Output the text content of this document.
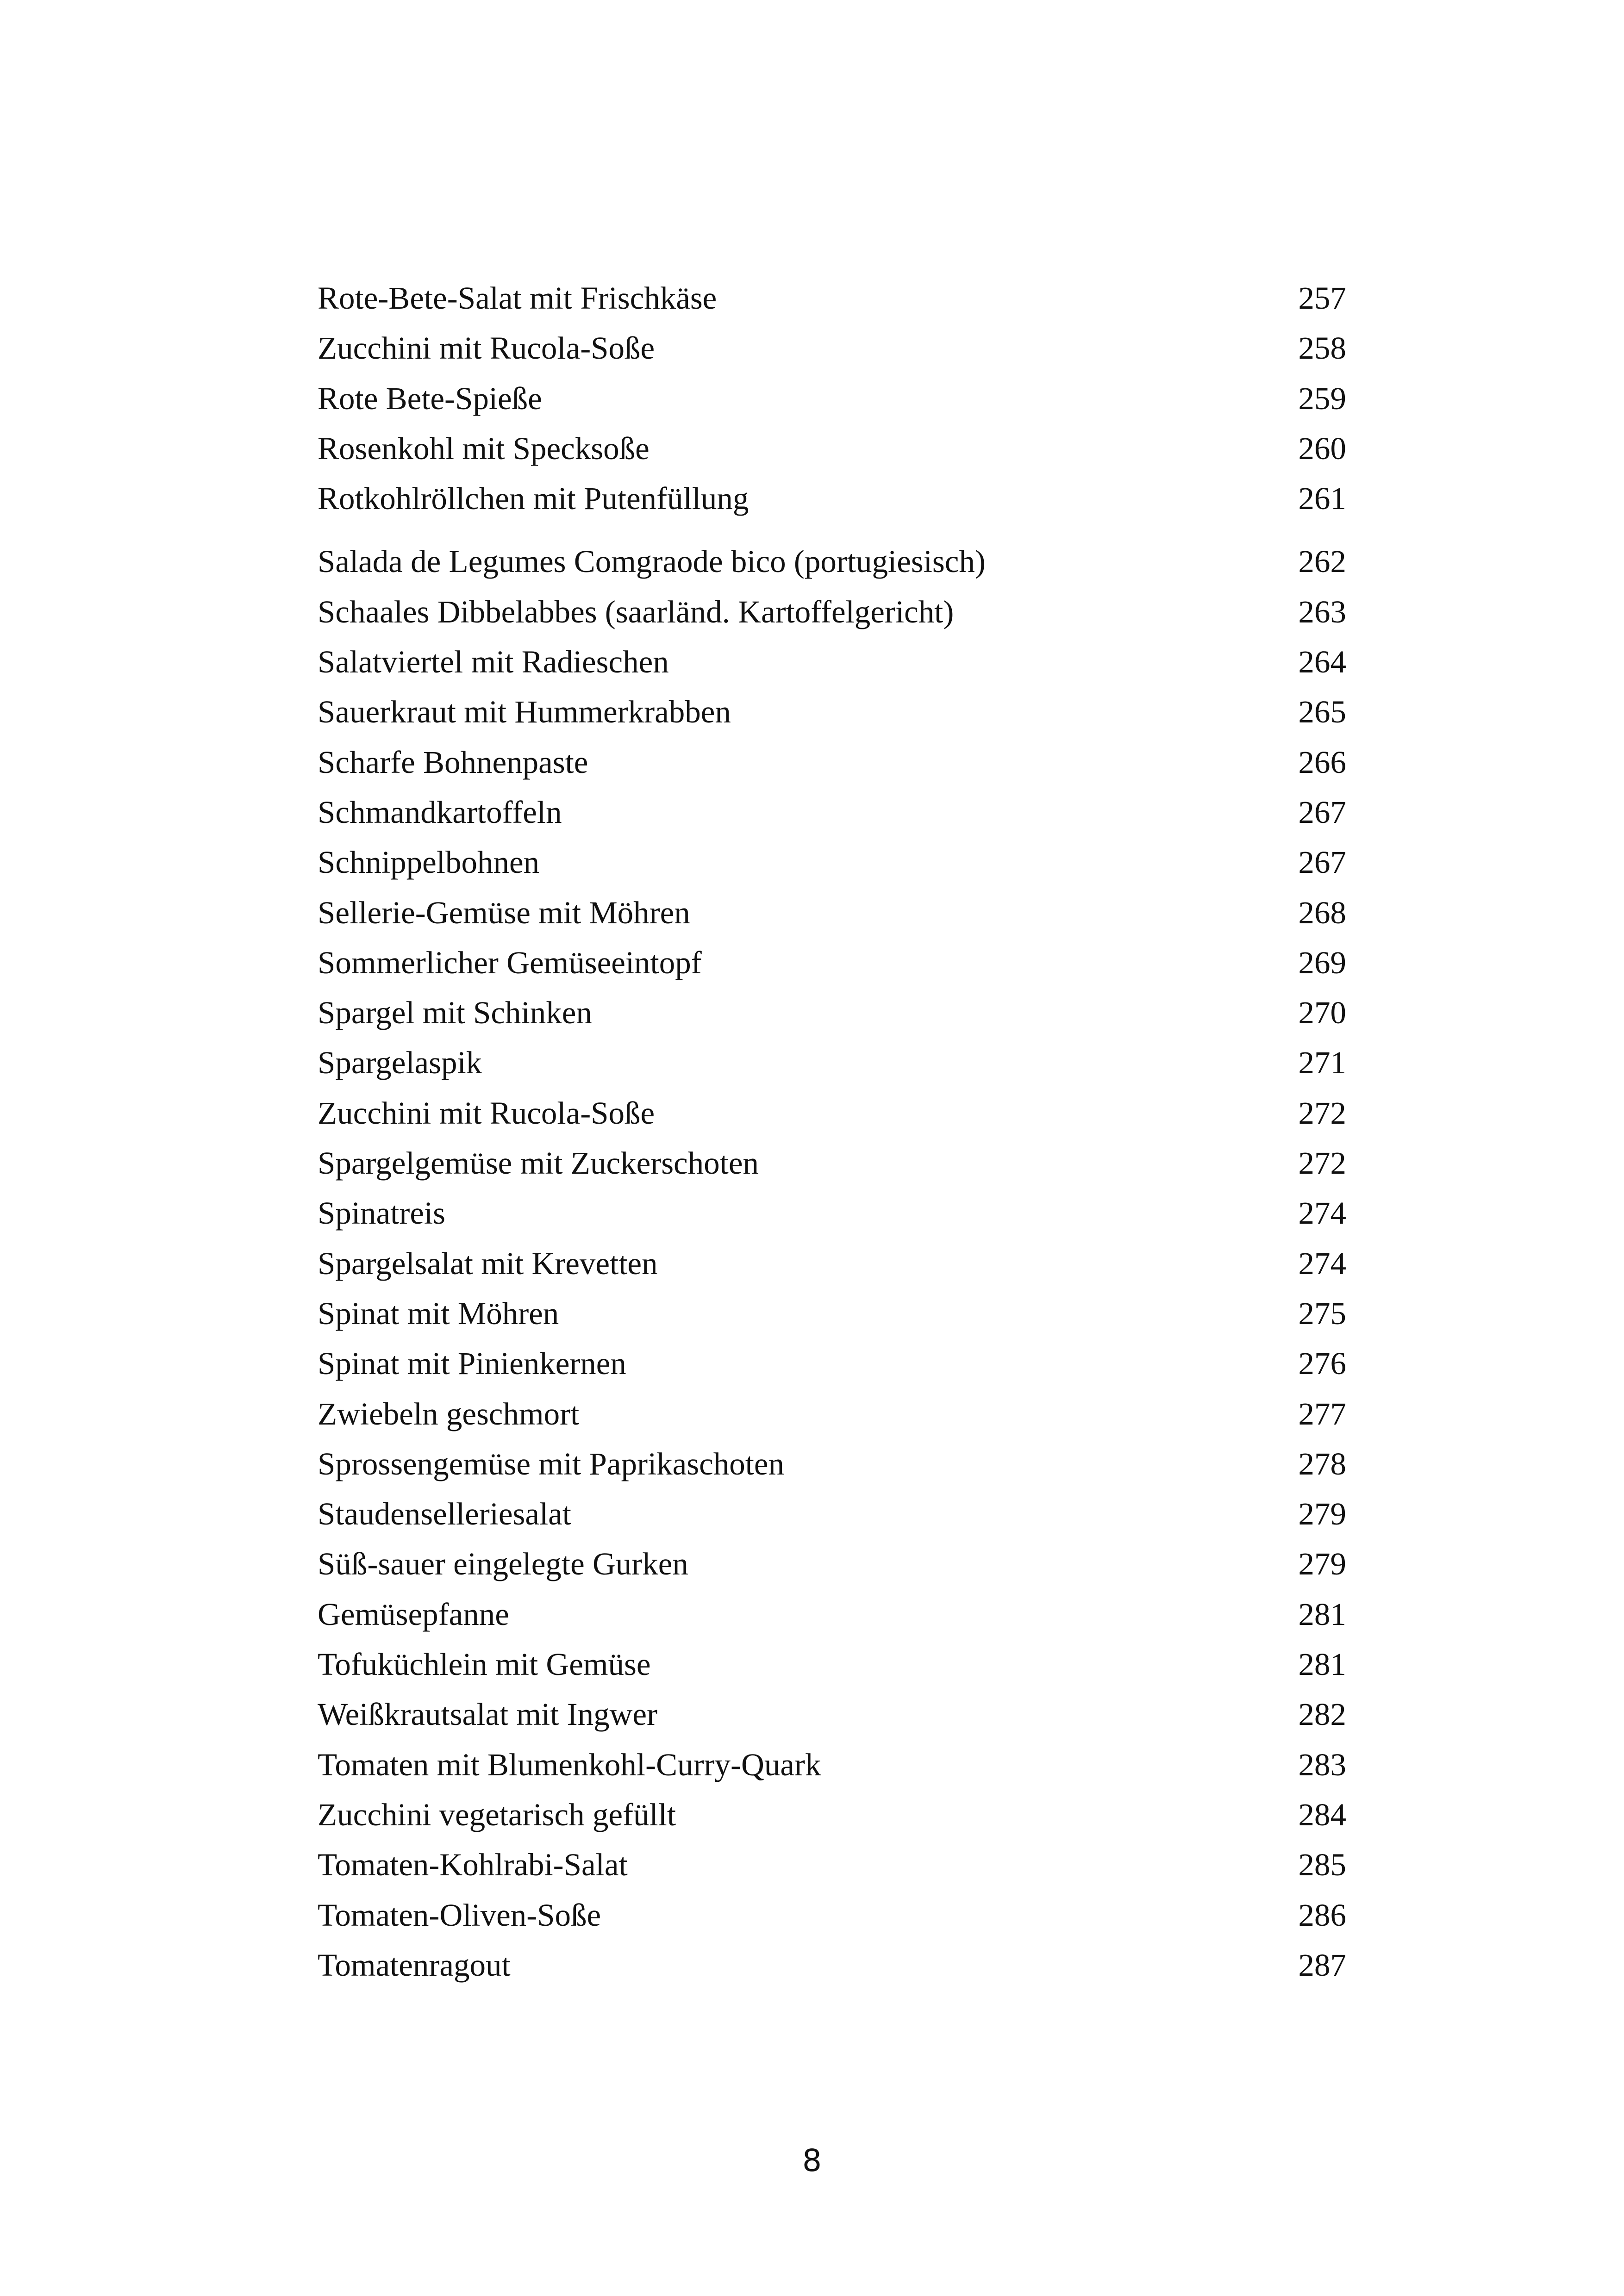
Rote-Bete-Salat mit Frischkäse	257
Zucchini mit Rucola-Soße	258
Rote Bete-Spieße	259
Rosenkohl mit Specksoße	260
Rotkohlröllchen mit Putenfüllung	261
Salada de Legumes Comgraode bico (portugiesisch)	262
Schaales Dibbelabbes (saarländ. Kartoffelgericht)	263
Salatviertel mit Radieschen	264
Sauerkraut mit Hummerkrabben	265
Scharfe Bohnenpaste	266
Schmandkartoffeln	267
Schnippelbohnen	267
Sellerie-Gemüse mit Möhren	268
Sommerlicher Gemüseeintopf	269
Spargel mit Schinken	270
Spargelaspik	271
Zucchini mit Rucola-Soße	272
Spargelgemüse mit Zuckerschoten	272
Spinatreis	274
Spargelsalat mit Krevetten	274
Spinat mit Möhren	275
Spinat mit Pinienkernen	276
Zwiebeln geschmort	277
Sprossengemüse mit Paprikaschoten	278
Staudenselleriesalat	279
Süß-sauer eingelegte Gurken	279
Gemüsepfanne	281
Tofuküchlein mit Gemüse	281
Weißkrautsalat mit Ingwer	282
Tomaten mit Blumenkohl-Curry-Quark	283
Zucchini vegetarisch gefüllt	284
Tomaten-Kohlrabi-Salat	285
Tomaten-Oliven-Soße	286
Tomatenragout	287
8
